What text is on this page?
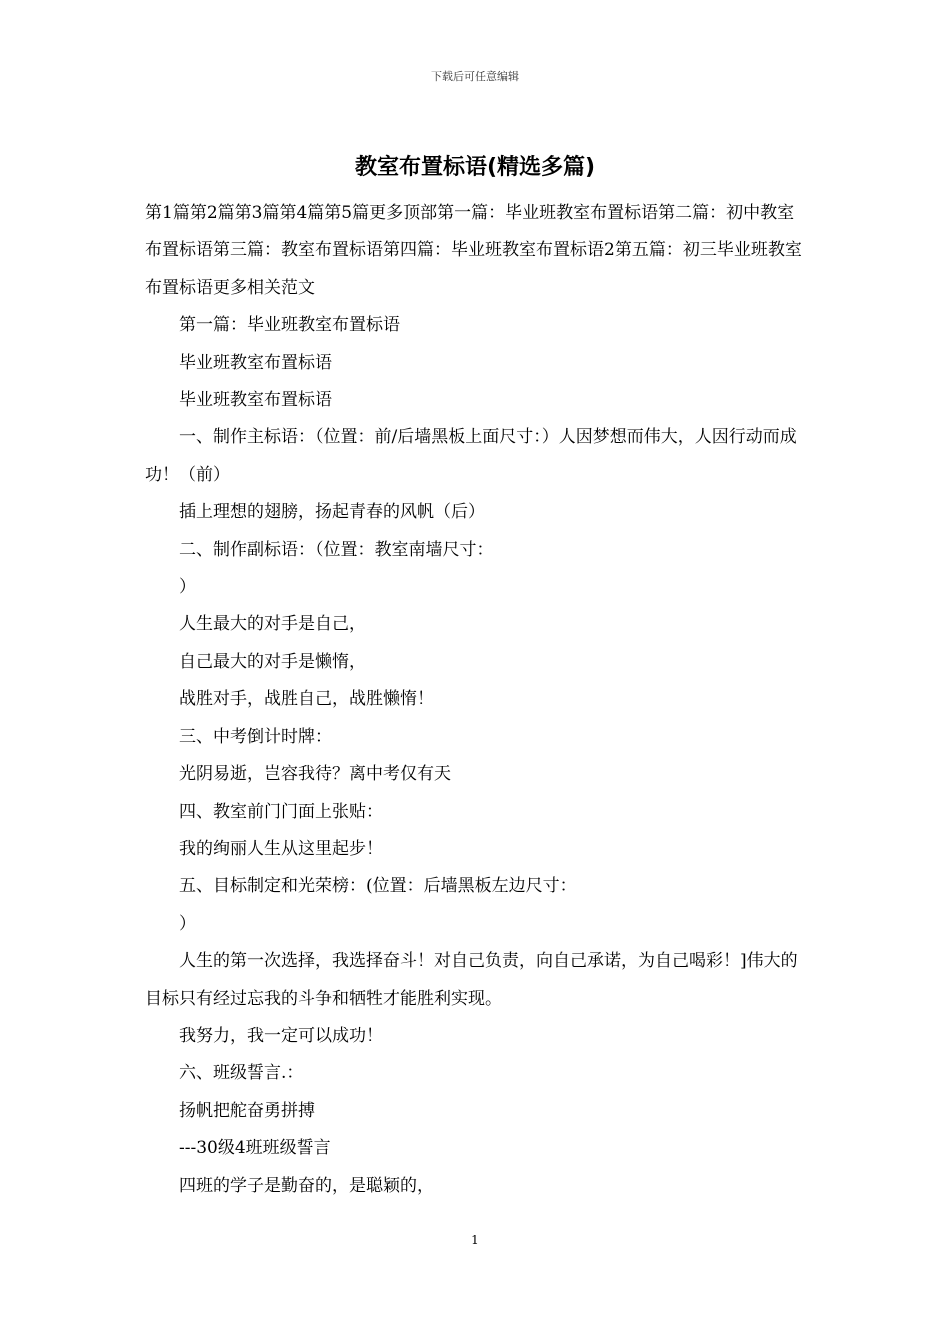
下载后可任意编辑
教室布置标语(精选多篇)

第1篇第2篇第3篇第4篇第5篇更多顶部第一篇：毕业班教室布置标语第二篇：初中教室布置标语第三篇：教室布置标语第四篇：毕业班教室布置标语2第五篇：初三毕业班教室布置标语更多相关范文

第一篇：毕业班教室布置标语

毕业班教室布置标语

毕业班教室布置标语

一、制作主标语：（位置：前/后墙黑板上面尺寸：）人因梦想而伟大，人因行动而成功！（前）

插上理想的翅膀，扬起青春的风帆（后）

二、制作副标语：（位置：教室南墙尺寸：

）

人生最大的对手是自己，

自己最大的对手是懒惰，

战胜对手，战胜自己，战胜懒惰！

三、中考倒计时牌：

光阴易逝，岂容我待？离中考仅有天

四、教室前门门面上张贴：

我的绚丽人生从这里起步！

五、目标制定和光荣榜：(位置：后墙黑板左边尺寸：

）

人生的第一次选择，我选择奋斗！对自己负责，向自己承诺，为自己喝彩！]伟大的目标只有经过忘我的斗争和牺牲才能胜利实现。

我努力，我一定可以成功！

六、班级誓言.：

扬帆把舵奋勇拼搏

---30级4班班级誓言

四班的学子是勤奋的，是聪颖的，

1
